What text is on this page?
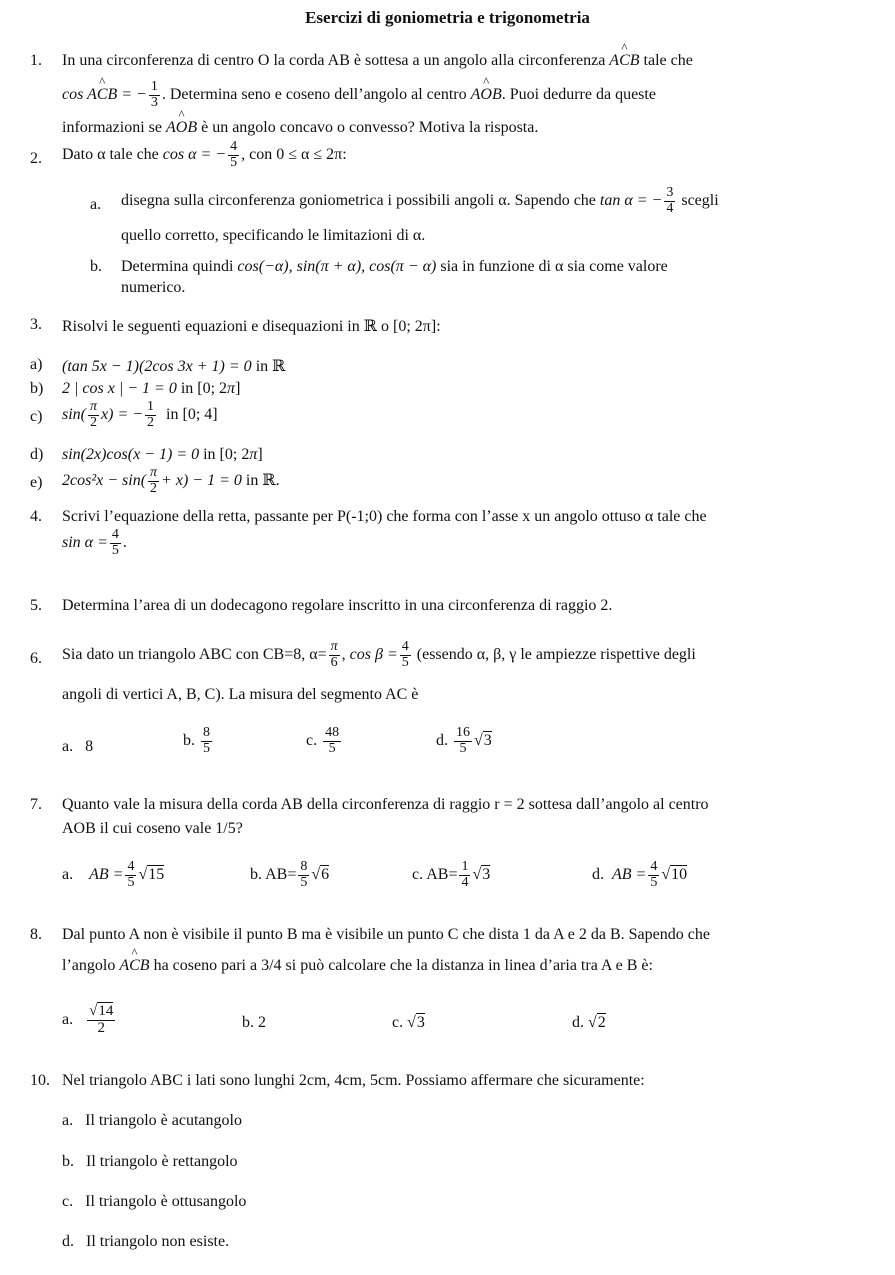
Esercizi di goniometria e trigonometria
1. In una circonferenza di centro O la corda AB è sottesa a un angolo alla circonferenza A^ CB tale che
cos A^ CB = − $\frac{1}{3}$ . Determina seno e coseno dell’angolo al centro A^ OB. Puoi dedurre da queste
informazioni se A^ OB è un angolo concavo o convesso? Motiva la risposta.
2. Dato α tale che cos α = − $\frac{4}{5}$ , con 0 ≤ α ≤ 2π:
a. disegna sulla circonferenza goniometrica i possibili angoli α. Sapendo che tan α = − $\frac{3}{4}$ scegli
quello corretto, specificando le limitazioni di α.
b. Determina quindi cos(−α), sin(π + α), cos(π − α) sia in funzione di α sia come valore
numerico.
3. Risolvi le seguenti equazioni e disequazioni in ℝ o [0; 2π]:
a) (tan 5x − 1)(2cos 3x + 1) = 0 in ℝ
b) 2 | cos x | − 1 = 0 in [0; 2π]
c) $\sin( \frac{\pi}{2} x)$ = − $\frac{1}{2}$ in [0; 4]
d) sin(2x)cos(x − 1) = 0 in [0; 2π]
e) $2\cos^2x - \sin( \frac{\pi}{2} + x) - 1 = 0$ in ℝ.
4. Scrivi l’equazione della retta, passante per P(-1;0) che forma con l’asse x un angolo ottuso α tale che
$\sin \alpha = \frac{4}{5}$ .
5. Determina l’area di un dodecagono regolare inscritto in una circonferenza di raggio 2.
6. Sia dato un triangolo ABC con CB=8, $\alpha= \frac{\pi}{6}$ , $\cos \beta = \frac{4}{5}$ (essendo α, β, γ le ampiezze rispettive degli
angoli di vertici A, B, C). La misura del segmento AC è
a. 8	b. $\frac{8}{5}$	c. $\frac{48}{5}$	d. $\frac{16}{5} √3$
7. Quanto vale la misura della corda AB della circonferenza di raggio r = 2 sottesa dall’angolo al centro
AOB il cui coseno vale 1/5?
a. AB = $\frac{4}{5} √15$	b. $AB= \frac{8}{5} √6$	c. $AB= \frac{1}{4} √3$	d. AB = $\frac{4}{5} √10$
8. Dal punto A non è visibile il punto B ma è visibile un punto C che dista 1 da A e 2 da B. Sapendo che
l’angolo A^ CB ha coseno pari a 3/4 si può calcolare che la distanza in linea d’aria tra A e B è:
a. $\frac{√14}{2}$	b. 2	c. √3	d. √2
10. Nel triangolo ABC i lati sono lunghi 2cm, 4cm, 5cm. Possiamo affermare che sicuramente:
a. Il triangolo è acutangolo
b. Il triangolo è rettangolo
c. Il triangolo è ottusangolo
d. Il triangolo non esiste.
